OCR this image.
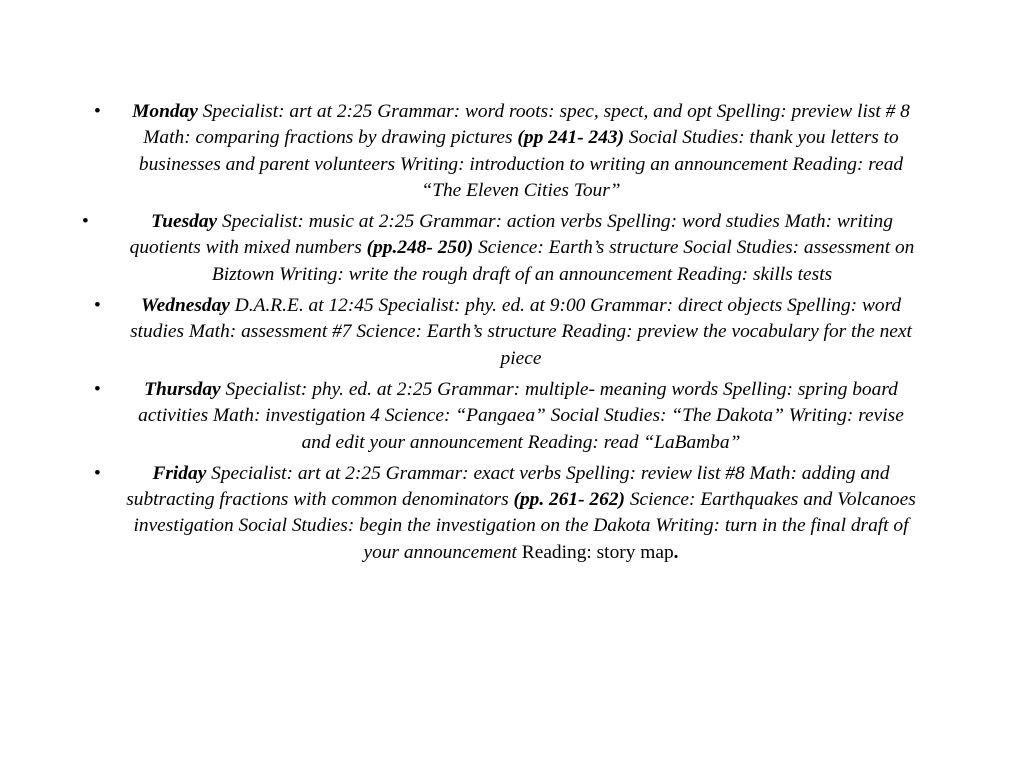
• Monday Specialist: art at 2:25 Grammar: word roots: spec, spect, and opt Spelling: preview list # 8 Math: comparing fractions by drawing pictures (pp 241- 243) Social Studies: thank you letters to businesses and parent volunteers Writing: introduction to writing an announcement Reading: read “The Eleven Cities Tour”
• Tuesday Specialist: music at 2:25 Grammar: action verbs Spelling: word studies Math: writing quotients with mixed numbers (pp.248- 250) Science: Earth’s structure Social Studies: assessment on Biztown Writing: write the rough draft of an announcement Reading: skills tests
• Wednesday D.A.R.E. at 12:45 Specialist: phy. ed. at 9:00 Grammar: direct objects Spelling: word studies Math: assessment #7 Science: Earth’s structure Reading: preview the vocabulary for the next piece
• Thursday Specialist: phy. ed. at 2:25 Grammar: multiple- meaning words Spelling: spring board activities Math: investigation 4 Science: “Pangaea” Social Studies: “The Dakota” Writing: revise and edit your announcement Reading: read “LaBamba”
• Friday Specialist: art at 2:25 Grammar: exact verbs Spelling: review list #8 Math: adding and subtracting fractions with common denominators (pp. 261- 262) Science: Earthquakes and Volcanoes investigation Social Studies: begin the investigation on the Dakota Writing: turn in the final draft of your announcement Reading: story map.
